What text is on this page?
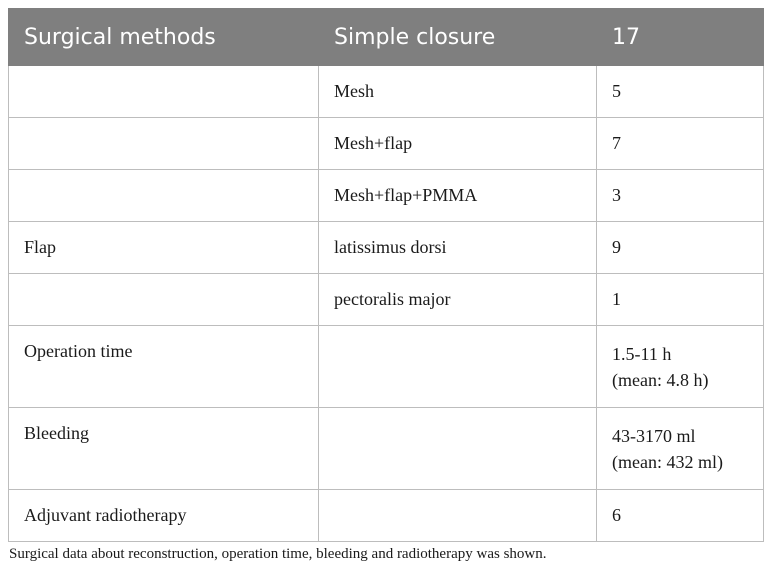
Surgical methods	Simple closure	17
	Mesh	5
	Mesh+flap	7
	Mesh+flap+PMMA	3
Flap	latissimus dorsi	9
	pectoralis major	1
Operation time		1.5-11 h
(mean: 4.8 h)

Bleeding		43-3170 ml
(mean: 432 ml)

Adjuvant radiotherapy		6
Surgical data about reconstruction, operation time, bleeding and radiotherapy was shown.
